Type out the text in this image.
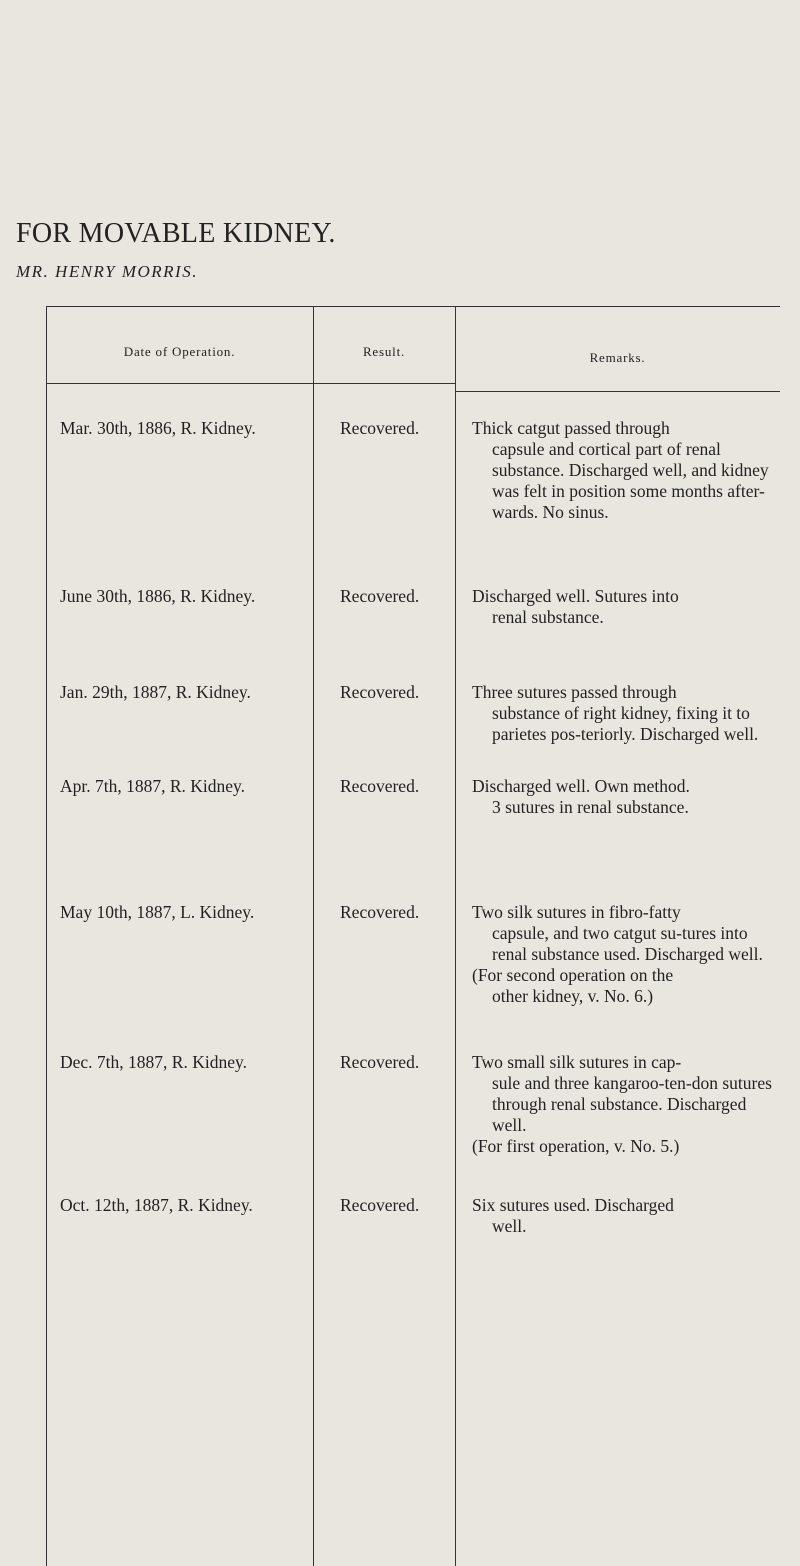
FOR MOVABLE KIDNEY.
MR. HENRY MORRIS.
Date of Operation.	Result.	Remarks.
Mar. 30th, 1886, R. Kidney.	Recovered.	Thick catgut passed through
capsule and cortical part of renal substance. Discharged well, and kidney was felt in position some months after-wards. No sinus.
June 30th, 1886, R. Kidney.	Recovered.	Discharged well. Sutures into
renal substance.
Jan. 29th, 1887, R. Kidney.	Recovered.	Three sutures passed through
substance of right kidney, fixing it to parietes pos-teriorly. Discharged well.
Apr. 7th, 1887, R. Kidney.	Recovered.	Discharged well. Own method.
3 sutures in renal substance.
May 10th, 1887, L. Kidney.	Recovered.	Two silk sutures in fibro-fatty
capsule, and two catgut su-tures into renal substance used. Discharged well.
(For second operation on the
other kidney, v. No. 6.)
Dec. 7th, 1887, R. Kidney.	Recovered.	Two small silk sutures in cap-
sule and three kangaroo-ten-don sutures through renal substance. Discharged well.
(For first operation, v. No. 5.)
Oct. 12th, 1887, R. Kidney.	Recovered.	Six sutures used. Discharged
well.
